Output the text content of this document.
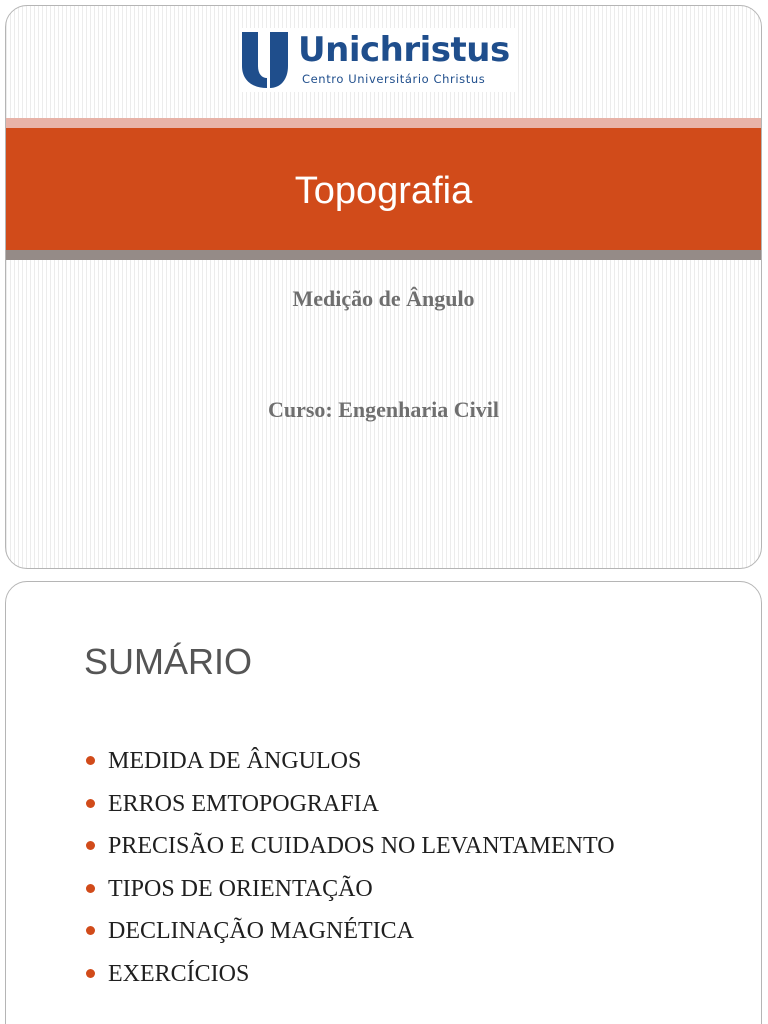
Unichristus
Centro Universitário Christus
Topografia
Medição de Ângulo
Curso: Engenharia Civil
SUMÁRIO
MEDIDA DE ÂNGULOS
ERROS EMTOPOGRAFIA
PRECISÃO E CUIDADOS NO LEVANTAMENTO
TIPOS DE ORIENTAÇÃO
DECLINAÇÃO MAGNÉTICA
EXERCÍCIOS
